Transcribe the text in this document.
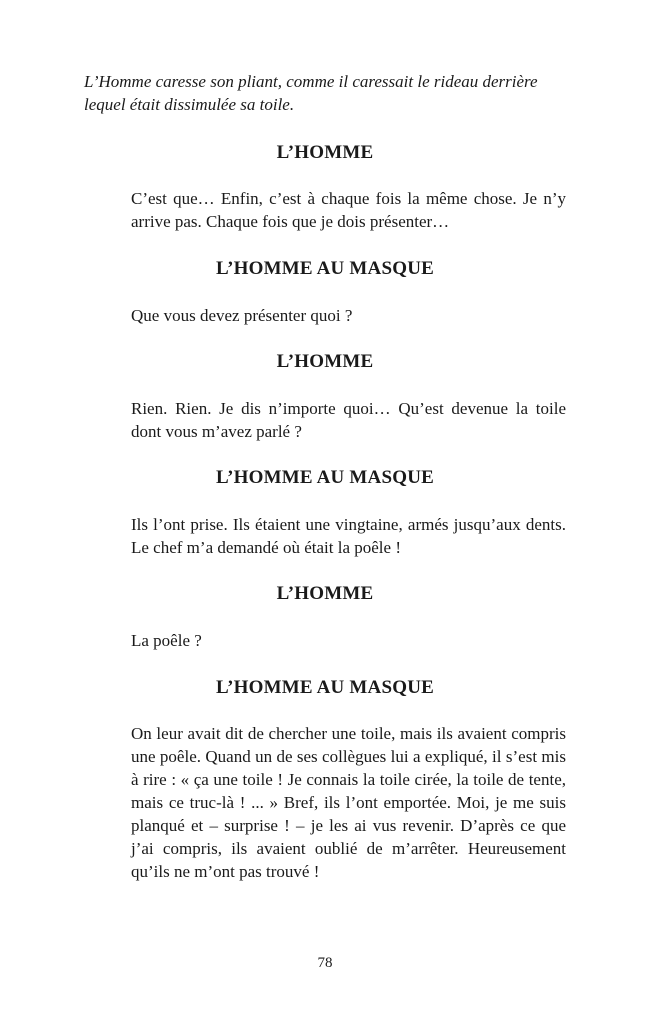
L’Homme caresse son pliant, comme il caressait le rideau derrière lequel était dissimulée sa toile.
L’HOMME
C’est que… Enfin, c’est à chaque fois la même chose. Je n’y arrive pas. Chaque fois que je dois présenter…
L’HOMME AU MASQUE
Que vous devez présenter quoi ?
L’HOMME
Rien. Rien. Je dis n’importe quoi… Qu’est devenue la toile dont vous m’avez parlé ?
L’HOMME AU MASQUE
Ils l’ont prise. Ils étaient une vingtaine, armés jusqu’aux dents. Le chef m’a demandé où était la poêle !
L’HOMME
La poêle ?
L’HOMME AU MASQUE
On leur avait dit de chercher une toile, mais ils avaient compris une poêle. Quand un de ses collègues lui a expliqué, il s’est mis à rire : « ça une toile ! Je connais la toile cirée, la toile de tente, mais ce truc-là ! ... » Bref, ils l’ont emportée. Moi, je me suis planqué et – surprise ! – je les ai vus revenir. D’après ce que j’ai compris, ils avaient oublié de m’arrêter. Heureusement qu’ils ne m’ont pas trouvé !
78
